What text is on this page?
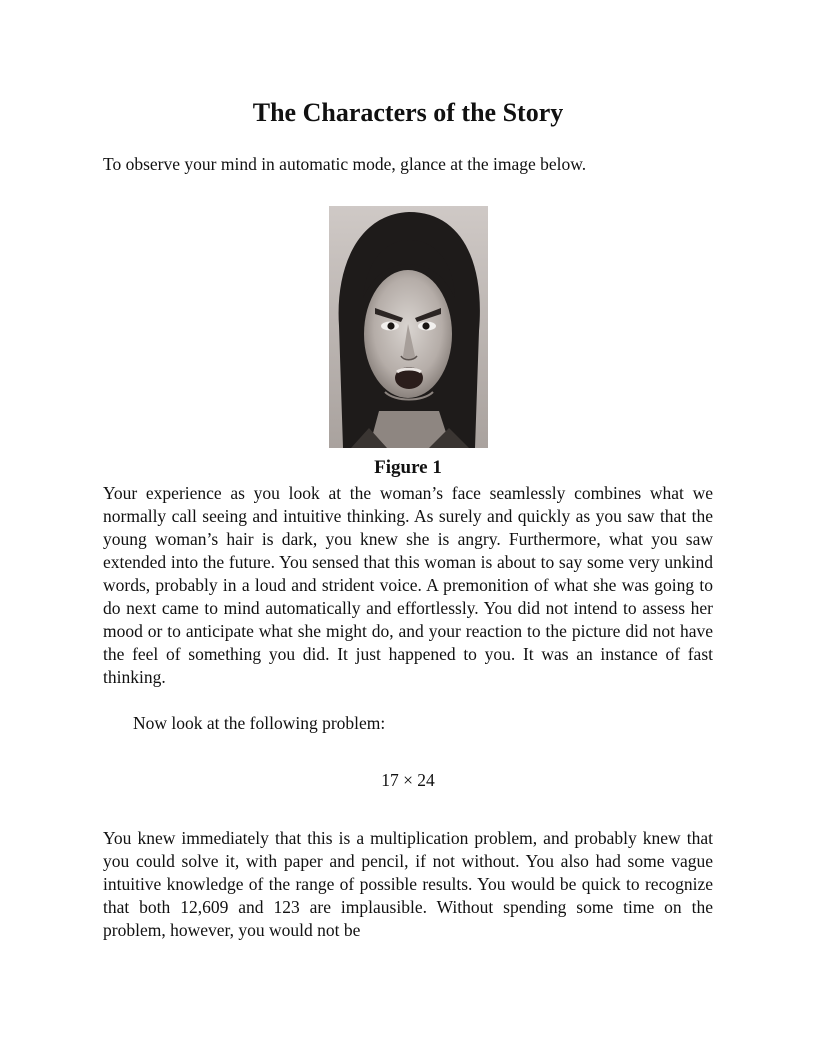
The Characters of the Story

To observe your mind in automatic mode, glance at the image below.

Figure 1

Your experience as you look at the woman’s face seamlessly combines what we normally call seeing and intuitive thinking. As surely and quickly as you saw that the young woman’s hair is dark, you knew she is angry. Furthermore, what you saw extended into the future. You sensed that this woman is about to say some very unkind words, probably in a loud and strident voice. A premonition of what she was going to do next came to mind automatically and effortlessly. You did not intend to assess her mood or to anticipate what she might do, and your reaction to the picture did not have the feel of something you did. It just happened to you. It was an instance of fast thinking.

Now look at the following problem:

17 × 24

You knew immediately that this is a multiplication problem, and probably knew that you could solve it, with paper and pencil, if not without. You also had some vague intuitive knowledge of the range of possible results. You would be quick to recognize that both 12,609 and 123 are implausible. Without spending some time on the problem, however, you would not be
